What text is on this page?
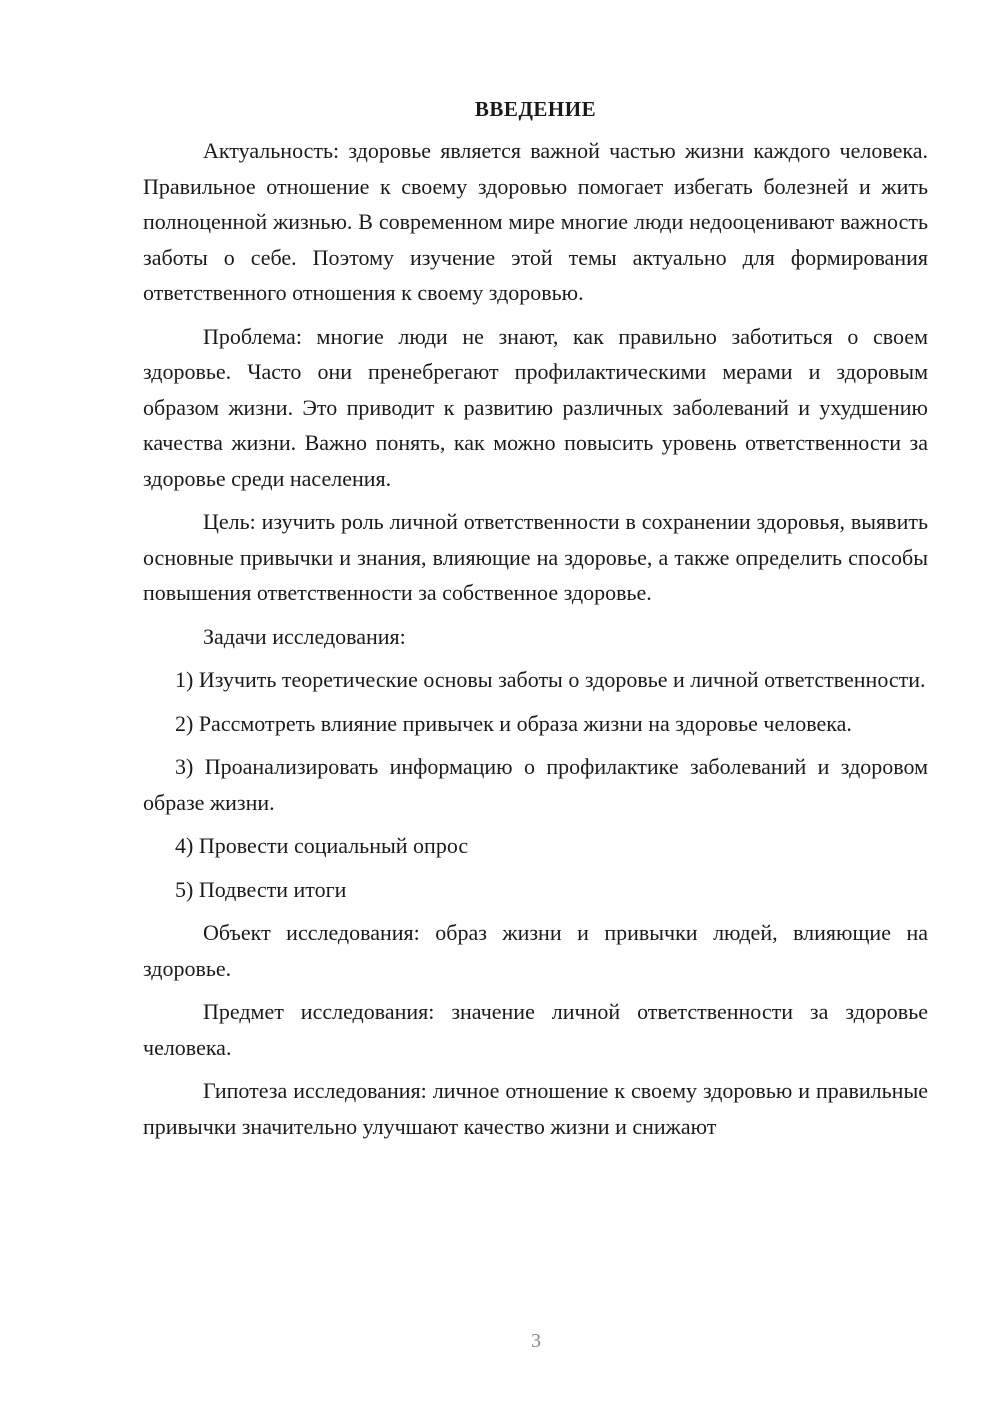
ВВЕДЕНИЕ

Актуальность: здоровье является важной частью жизни каждого человека. Правильное отношение к своему здоровью помогает избегать болезней и жить полноценной жизнью. В современном мире многие люди недооценивают важность заботы о себе. Поэтому изучение этой темы актуально для формирования ответственного отношения к своему здоровью.

Проблема: многие люди не знают, как правильно заботиться о своем здоровье. Часто они пренебрегают профилактическими мерами и здоровым образом жизни. Это приводит к развитию различных заболеваний и ухудшению качества жизни. Важно понять, как можно повысить уровень ответственности за здоровье среди населения.

Цель: изучить роль личной ответственности в сохранении здоровья, выявить основные привычки и знания, влияющие на здоровье, а также определить способы повышения ответственности за собственное здоровье.

Задачи исследования:

1) Изучить теоретические основы заботы о здоровье и личной ответственности.

2) Рассмотреть влияние привычек и образа жизни на здоровье человека.

3) Проанализировать информацию о профилактике заболеваний и здоровом образе жизни.

4) Провести социальный опрос

5) Подвести итоги

Объект исследования: образ жизни и привычки людей, влияющие на здоровье.

Предмет исследования: значение личной ответственности за здоровье человека.

Гипотеза исследования: личное отношение к своему здоровью и правильные привычки значительно улучшают качество жизни и снижают

3
